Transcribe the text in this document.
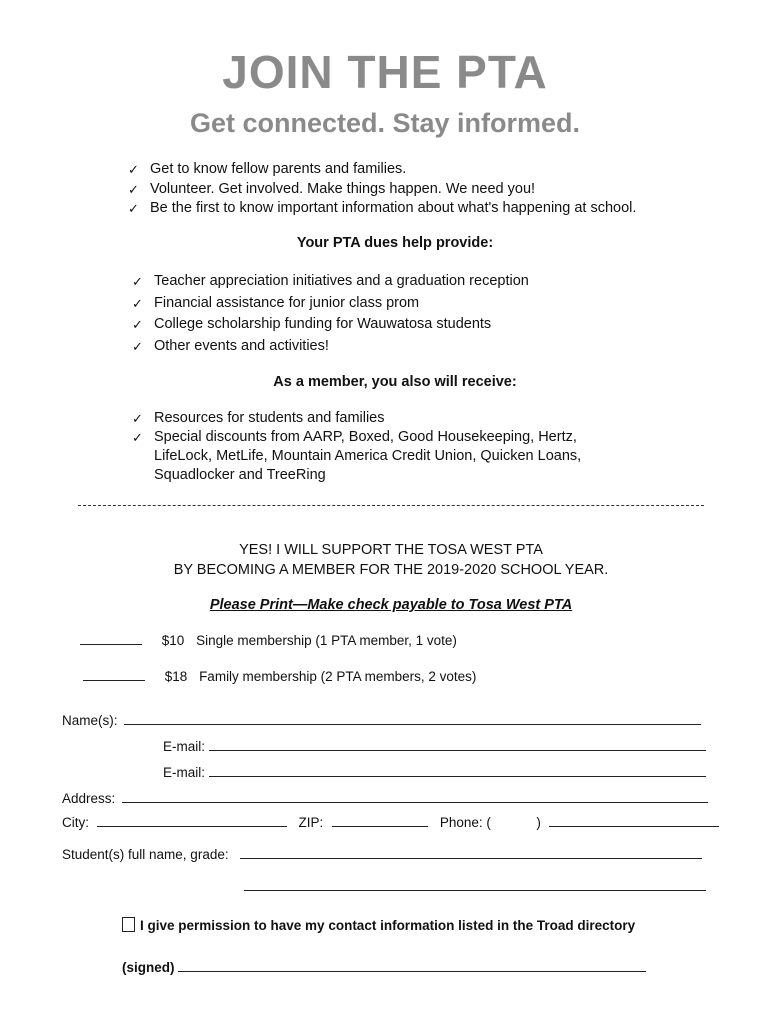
JOIN THE PTA
Get connected. Stay informed.
✓ Get to know fellow parents and families.
✓ Volunteer. Get involved. Make things happen. We need you!
✓ Be the first to know important information about what's happening at school.
Your PTA dues help provide:
✓ Teacher appreciation initiatives and a graduation reception
✓ Financial assistance for junior class prom
✓ College scholarship funding for Wauwatosa students
✓ Other events and activities!
As a member, you also will receive:
✓ Resources for students and families
✓ Special discounts from AARP, Boxed, Good Housekeeping, Hertz, LifeLock, MetLife, Mountain America Credit Union, Quicken Loans, Squadlocker and TreeRing
YES! I WILL SUPPORT THE TOSA WEST PTA
BY BECOMING A MEMBER FOR THE 2019-2020 SCHOOL YEAR.
Please Print—Make check payable to Tosa West PTA
$10 Single membership (1 PTA member, 1 vote)
$18 Family membership (2 PTA members, 2 votes)
Name(s):
E-mail:
E-mail:
Address:
City:	ZIP:	Phone: (	)
Student(s) full name, grade:
I give permission to have my contact information listed in the Troad directory
(signed)
